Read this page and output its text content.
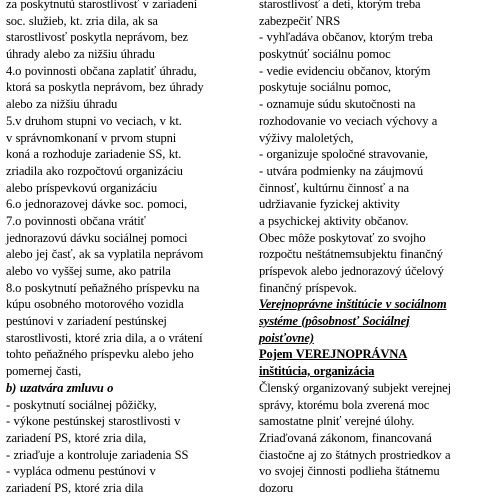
za poskytnutú starostlivosť v zariadení
soc. služieb, kt. zria dila, ak sa
starostlivosť poskytla neprávom, bez
úhrady alebo za nižšiu úhradu
4.o povinnosti občana zaplatiť úhradu,
ktorá sa poskytla neprávom, bez úhrady
alebo za nižšiu úhradu
5.v druhom stupni vo veciach, v kt.
v správnomkonaní v prvom stupni
koná a rozhoduje zariadenie SS, kt.
zriadila ako rozpočtovú organizáciu
alebo príspevkovú organizáciu
6.o jednorazovej dávke soc. pomoci,
7.o povinnosti občana vrátiť
jednorazovú dávku sociálnej pomoci
alebo jej časť, ak sa vyplatila neprávom
alebo vo vyššej sume, ako patrila
8.o poskytnutí peňažného príspevku na
kúpu osobného motorového vozidla
pestúnovi v zariadení pestúnskej
starostlivosti, ktoré zria dila, a o vrátení
tohto peňažného príspevku alebo jeho
pomernej časti,
b) uzatvára zmluvu o
- poskytnutí sociálnej pôžičky,
- výkone pestúnskej starostlivosti v
zariadení PS, ktoré zria dila,
- zriaďuje a kontroluje zariadenia SS
- vypláca odmenu pestúnovi v
zariadení PS, ktoré zria dila
starostlivosť a deti, ktorým treba
zabezpečiť NRS
- vyhľadáva občanov, ktorým treba
poskytnúť sociálnu pomoc
- vedie evidenciu občanov, ktorým
poskytuje sociálnu pomoc,
- oznamuje súdu skutočnosti na
rozhodovanie vo veciach výchovy a
výživy maloletých,
- organizuje spoločné stravovanie,
- utvára podmienky na záujmovú
činnosť, kultúrnu činnosť a na
udržiavanie fyzickej aktivity
a psychickej aktivity občanov.
Obec môže poskytovať zo svojho
rozpočtu neštátnemsubjektu finančný
príspevok alebo jednorazový účelový
finančný príspevok.
Verejnoprávne inštitúcie v sociálnom
systéme (pôsobnosť Sociálnej
poisťovne)
Pojem VEREJNOPRÁVNA
inštitúcia, organizácia
Členský organizovaný subjekt verejnej
správy, ktorému bola zverená moc
samostatne plniť verejné úlohy.
Zriaďovaná zákonom, financovaná
čiastočne aj zo štátnych prostriedkov a
vo svojej činnosti podlieha štátnemu
dozoru
